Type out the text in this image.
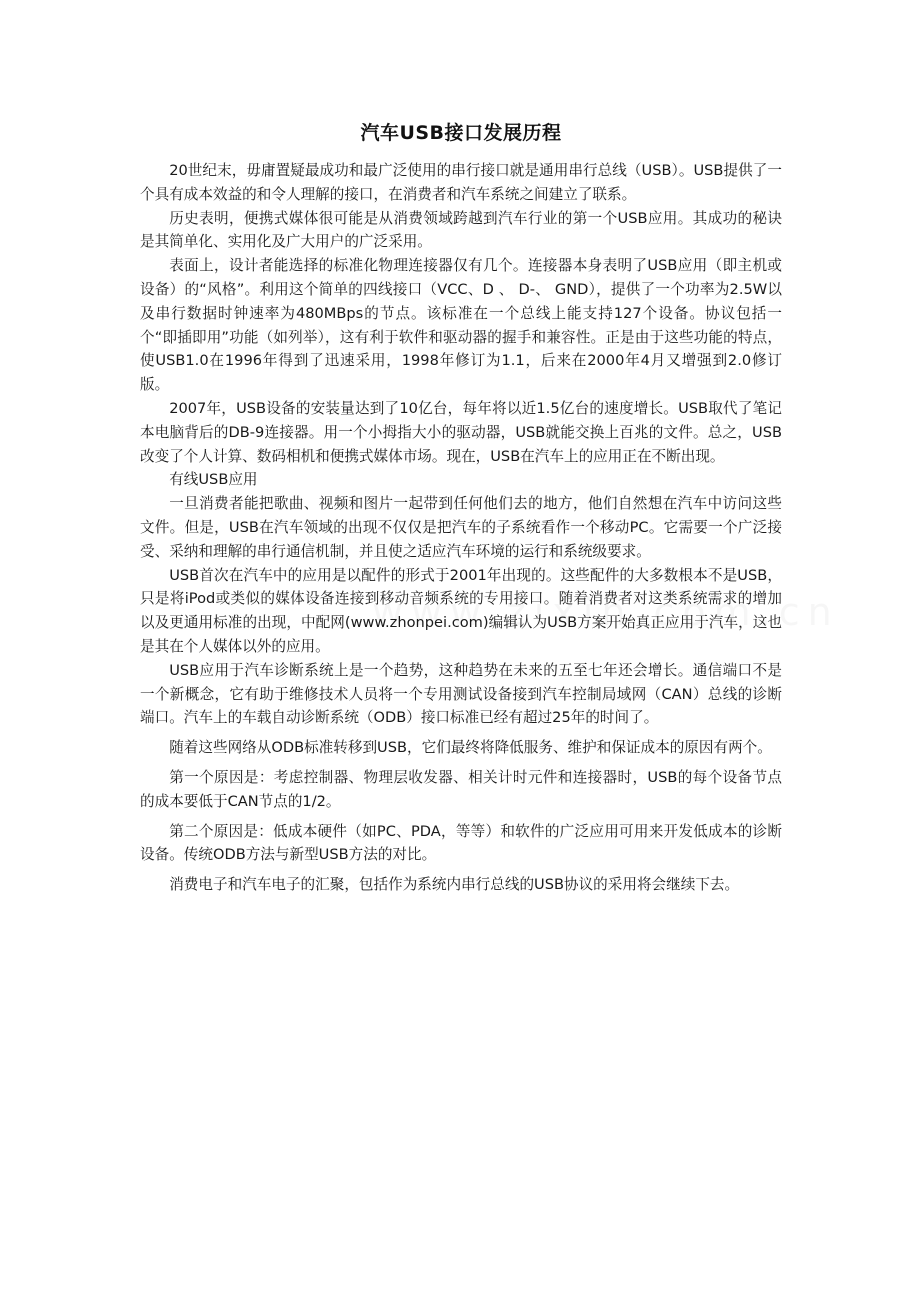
汽车USB接口发展历程

20世纪末，毋庸置疑最成功和最广泛使用的串行接口就是通用串行总线（USB）。USB提供了一个具有成本效益的和令人理解的接口，在消费者和汽车系统之间建立了联系。

历史表明，便携式媒体很可能是从消费领域跨越到汽车行业的第一个USB应用。其成功的秘诀是其简单化、实用化及广大用户的广泛采用。

表面上，设计者能选择的标准化物理连接器仅有几个。连接器本身表明了USB应用（即主机或设备）的“风格”。利用这个简单的四线接口（VCC、D 、 D-、 GND），提供了一个功率为2.5W以及串行数据时钟速率为480MBps的节点。该标准在一个总线上能支持127个设备。协议包括一个“即插即用”功能（如列举），这有利于软件和驱动器的握手和兼容性。正是由于这些功能的特点，使USB1.0在1996年得到了迅速采用，1998年修订为1.1，后来在2000年4月又增强到2.0修订版。

2007年，USB设备的安装量达到了10亿台，每年将以近1.5亿台的速度增长。USB取代了笔记本电脑背后的DB-9连接器。用一个小拇指大小的驱动器，USB就能交换上百兆的文件。总之，USB改变了个人计算、数码相机和便携式媒体市场。现在，USB在汽车上的应用正在不断出现。

有线USB应用

一旦消费者能把歌曲、视频和图片一起带到任何他们去的地方，他们自然想在汽车中访问这些文件。但是，USB在汽车领域的出现不仅仅是把汽车的子系统看作一个移动PC。它需要一个广泛接受、采纳和理解的串行通信机制，并且使之适应汽车环境的运行和系统级要求。

USB首次在汽车中的应用是以配件的形式于2001年出现的。这些配件的大多数根本不是USB，只是将iPod或类似的媒体设备连接到移动音频系统的专用接口。随着消费者对这类系统需求的增加以及更通用标准的出现，中配网(www.zhonpei.com)编辑认为USB方案开始真正应用于汽车，这也是其在个人媒体以外的应用。

USB应用于汽车诊断系统上是一个趋势，这种趋势在未来的五至七年还会增长。通信端口不是一个新概念，它有助于维修技术人员将一个专用测试设备接到汽车控制局域网（CAN）总线的诊断端口。汽车上的车载自动诊断系统（ODB）接口标准已经有超过25年的时间了。

随着这些网络从ODB标准转移到USB，它们最终将降低服务、维护和保证成本的原因有两个。

第一个原因是：考虑控制器、物理层收发器、相关计时元件和连接器时，USB的每个设备节点的成本要低于CAN节点的1/2。

第二个原因是：低成本硬件（如PC、PDA，等等）和软件的广泛应用可用来开发低成本的诊断设备。传统ODB方法与新型USB方法的对比。

消费电子和汽车电子的汇聚，包括作为系统内串行总线的USB协议的采用将会继续下去。
